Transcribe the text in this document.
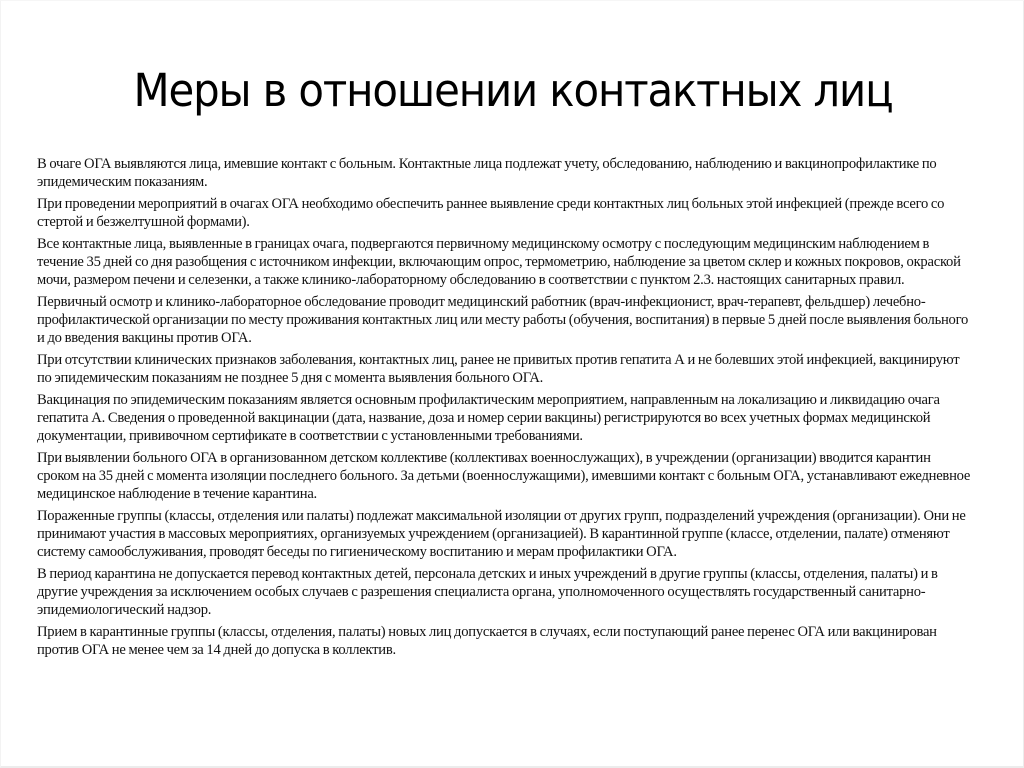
Меры в отношении контактных лиц

В очаге ОГА выявляются лица, имевшие контакт с больным. Контактные лица подлежат учету, обследованию, наблюдению и вакцинопрофилактике по эпидемическим показаниям.

При проведении мероприятий в очагах ОГА необходимо обеспечить раннее выявление среди контактных лиц больных этой инфекцией (прежде всего со стертой и безжелтушной формами).

Все контактные лица, выявленные в границах очага, подвергаются первичному медицинскому осмотру с последующим медицинским наблюдением в течение 35 дней со дня разобщения с источником инфекции, включающим опрос, термометрию, наблюдение за цветом склер и кожных покровов, окраской мочи, размером печени и селезенки, а также клинико-лабораторному обследованию в соответствии с пунктом 2.3. настоящих санитарных правил.

Первичный осмотр и клинико-лабораторное обследование проводит медицинский работник (врач-инфекционист, врач-терапевт, фельдшер) лечебно-профилактической организации по месту проживания контактных лиц или месту работы (обучения, воспитания) в первые 5 дней после выявления больного и до введения вакцины против ОГА.

При отсутствии клинических признаков заболевания, контактных лиц, ранее не привитых против гепатита А и не болевших этой инфекцией, вакцинируют по эпидемическим показаниям не позднее 5 дня с момента выявления больного ОГА.

Вакцинация по эпидемическим показаниям является основным профилактическим мероприятием, направленным на локализацию и ликвидацию очага гепатита А. Сведения о проведенной вакцинации (дата, название, доза и номер серии вакцины) регистрируются во всех учетных формах медицинской документации, прививочном сертификате в соответствии с установленными требованиями.

При выявлении больного ОГА в организованном детском коллективе (коллективах военнослужащих), в учреждении (организации) вводится карантин сроком на 35 дней с момента изоляции последнего больного. За детьми (военнослужащими), имевшими контакт с больным ОГА, устанавливают ежедневное медицинское наблюдение в течение карантина.

Пораженные группы (классы, отделения или палаты) подлежат максимальной изоляции от других групп, подразделений учреждения (организации). Они не принимают участия в массовых мероприятиях, организуемых учреждением (организацией). В карантинной группе (классе, отделении, палате) отменяют систему самообслуживания, проводят беседы по гигиеническому воспитанию и мерам профилактики ОГА.

В период карантина не допускается перевод контактных детей, персонала детских и иных учреждений в другие группы (классы, отделения, палаты) и в другие учреждения за исключением особых случаев с разрешения специалиста органа, уполномоченного осуществлять государственный санитарно-эпидемиологический надзор.

Прием в карантинные группы (классы, отделения, палаты) новых лиц допускается в случаях, если поступающий ранее перенес ОГА или вакцинирован против ОГА не менее чем за 14 дней до допуска в коллектив.
